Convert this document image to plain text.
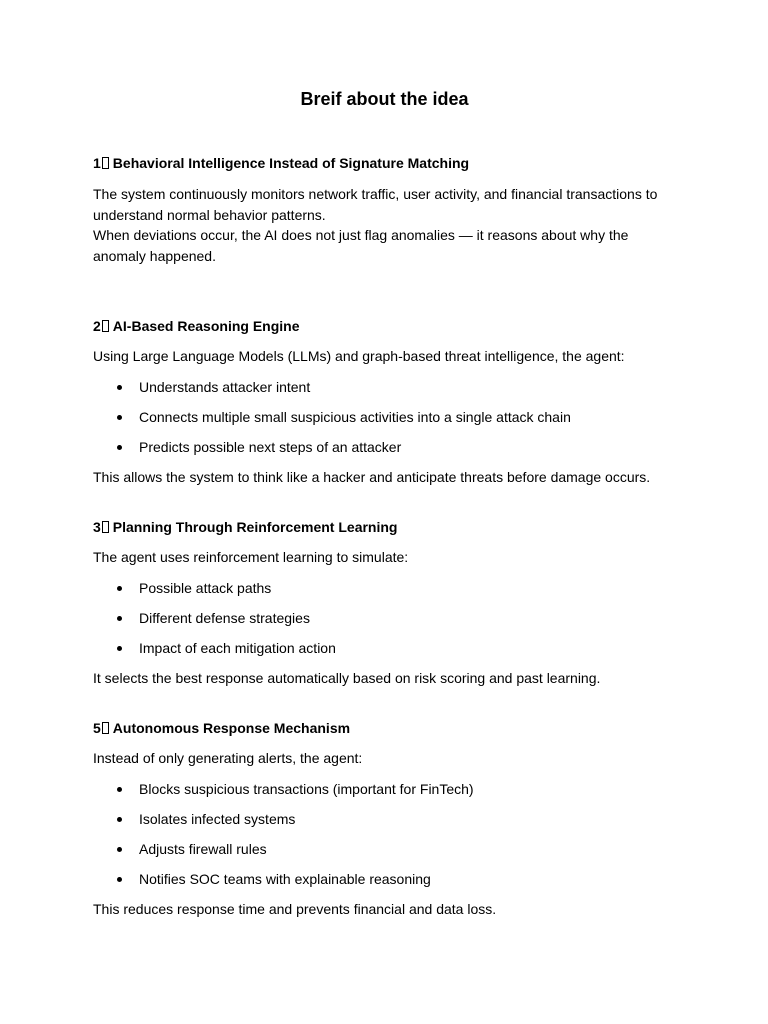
Breif about the idea

1 Behavioral Intelligence Instead of Signature Matching

The system continuously monitors network traffic, user activity, and financial transactions to understand normal behavior patterns.

When deviations occur, the AI does not just flag anomalies — it reasons about why the anomaly happened.

2 AI-Based Reasoning Engine

Using Large Language Models (LLMs) and graph-based threat intelligence, the agent:

Understands attacker intent
Connects multiple small suspicious activities into a single attack chain
Predicts possible next steps of an attacker

This allows the system to think like a hacker and anticipate threats before damage occurs.

3 Planning Through Reinforcement Learning

The agent uses reinforcement learning to simulate:

Possible attack paths
Different defense strategies
Impact of each mitigation action

It selects the best response automatically based on risk scoring and past learning.

5 Autonomous Response Mechanism

Instead of only generating alerts, the agent:

Blocks suspicious transactions (important for FinTech)
Isolates infected systems
Adjusts firewall rules
Notifies SOC teams with explainable reasoning

This reduces response time and prevents financial and data loss.
